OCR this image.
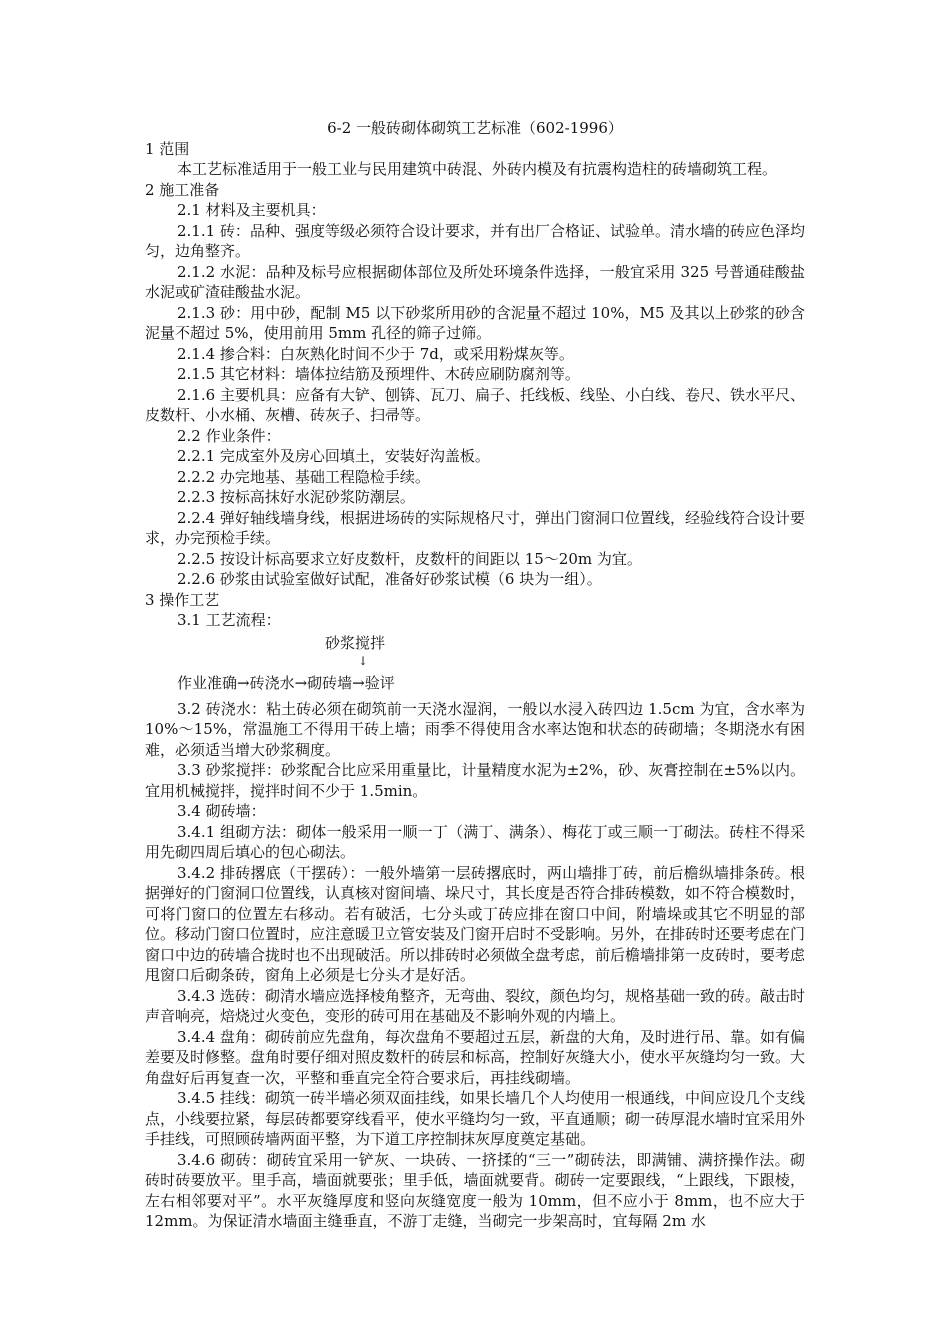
6-2 一般砖砌体砌筑工艺标准（602-1996）
1 范围
本工艺标准适用于一般工业与民用建筑中砖混、外砖内模及有抗震构造柱的砖墙砌筑工程。
2 施工准备
2.1 材料及主要机具：
2.1.1 砖：品种、强度等级必须符合设计要求，并有出厂合格证、试验单。清水墙的砖应色泽均匀，边角整齐。
2.1.2 水泥：品种及标号应根据砌体部位及所处环境条件选择，一般宜采用 325 号普通硅酸盐水泥或矿渣硅酸盐水泥。
2.1.3 砂：用中砂，配制 M5 以下砂浆所用砂的含泥量不超过 10%，M5 及其以上砂浆的砂含泥量不超过 5%，使用前用 5mm 孔径的筛子过筛。
2.1.4 掺合料：白灰熟化时间不少于 7d，或采用粉煤灰等。
2.1.5 其它材料：墙体拉结筋及预埋件、木砖应刷防腐剂等。
2.1.6 主要机具：应备有大铲、刨锛、瓦刀、扁子、托线板、线坠、小白线、卷尺、铁水平尺、皮数杆、小水桶、灰槽、砖灰子、扫帚等。
2.2 作业条件：
2.2.1 完成室外及房心回填土，安装好沟盖板。
2.2.2 办完地基、基础工程隐检手续。
2.2.3 按标高抹好水泥砂浆防潮层。
2.2.4 弹好轴线墙身线，根据进场砖的实际规格尺寸，弹出门窗洞口位置线，经验线符合设计要求，办完预检手续。
2.2.5 按设计标高要求立好皮数杆，皮数杆的间距以 15～20m 为宜。
2.2.6 砂浆由试验室做好试配，准备好砂浆试模（6 块为一组）。
3 操作工艺
3.1 工艺流程：
砂浆搅拌
↓
作业准确→砖浇水→砌砖墙→验评
3.2 砖浇水：粘土砖必须在砌筑前一天浇水湿润，一般以水浸入砖四边 1.5cm 为宜，含水率为 10%～15%，常温施工不得用干砖上墙；雨季不得使用含水率达饱和状态的砖砌墙；冬期浇水有困难，必须适当增大砂浆稠度。
3.3 砂浆搅拌：砂浆配合比应采用重量比，计量精度水泥为±2%，砂、灰膏控制在±5%以内。宜用机械搅拌，搅拌时间不少于 1.5min。
3.4 砌砖墙：
3.4.1 组砌方法：砌体一般采用一顺一丁（满丁、满条）、梅花丁或三顺一丁砌法。砖柱不得采用先砌四周后填心的包心砌法。
3.4.2 排砖撂底（干摆砖）：一般外墙第一层砖撂底时，两山墙排丁砖，前后檐纵墙排条砖。根据弹好的门窗洞口位置线，认真核对窗间墙、垛尺寸，其长度是否符合排砖模数，如不符合模数时，可将门窗口的位置左右移动。若有破活，七分头或丁砖应排在窗口中间，附墙垛或其它不明显的部位。移动门窗口位置时，应注意暖卫立管安装及门窗开启时不受影响。另外，在排砖时还要考虑在门窗口中边的砖墙合拢时也不出现破活。所以排砖时必须做全盘考虑，前后檐墙排第一皮砖时，要考虑甩窗口后砌条砖，窗角上必须是七分头才是好活。
3.4.3 选砖：砌清水墙应选择棱角整齐，无弯曲、裂纹，颜色均匀，规格基础一致的砖。敲击时声音响亮，焙烧过火变色，变形的砖可用在基础及不影响外观的内墙上。
3.4.4 盘角：砌砖前应先盘角，每次盘角不要超过五层，新盘的大角，及时进行吊、靠。如有偏差要及时修整。盘角时要仔细对照皮数杆的砖层和标高，控制好灰缝大小，使水平灰缝均匀一致。大角盘好后再复查一次，平整和垂直完全符合要求后，再挂线砌墙。
3.4.5 挂线：砌筑一砖半墙必须双面挂线，如果长墙几个人均使用一根通线，中间应设几个支线点，小线要拉紧，每层砖都要穿线看平，使水平缝均匀一致，平直通顺；砌一砖厚混水墙时宜采用外手挂线，可照顾砖墙两面平整，为下道工序控制抹灰厚度奠定基础。
3.4.6 砌砖：砌砖宜采用一铲灰、一块砖、一挤揉的“三一”砌砖法，即满铺、满挤操作法。砌砖时砖要放平。里手高，墙面就要张；里手低，墙面就要背。砌砖一定要跟线，“上跟线，下跟棱，左右相邻要对平”。水平灰缝厚度和竖向灰缝宽度一般为 10mm，但不应小于 8mm，也不应大于 12mm。为保证清水墙面主缝垂直，不游丁走缝，当砌完一步架高时，宜每隔 2m 水
